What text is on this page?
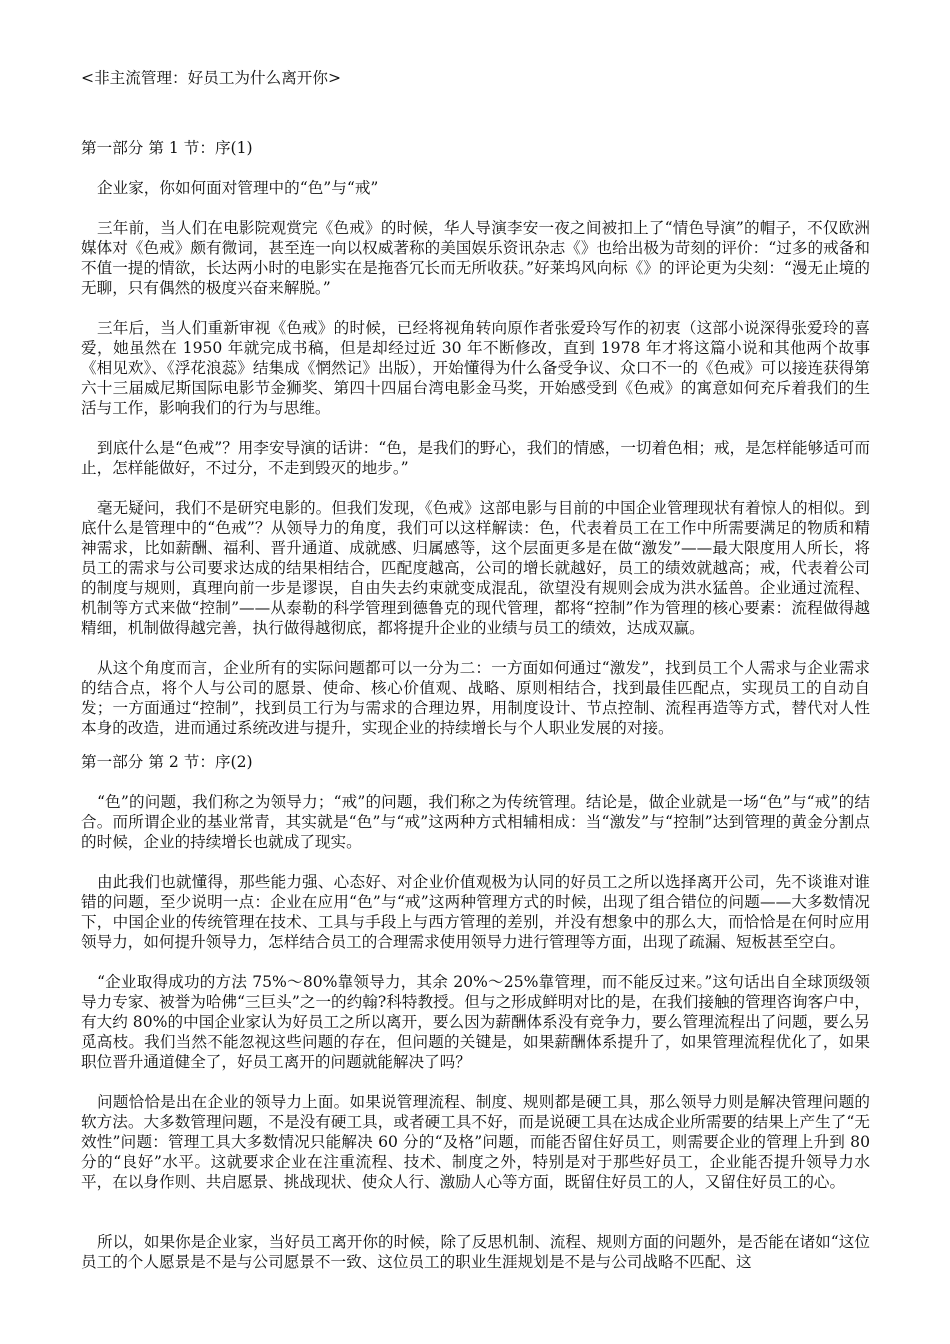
<非主流管理：好员工为什么离开你>
第一部分 第 1 节：序(1)
企业家，你如何面对管理中的“色”与“戒”
三年前，当人们在电影院观赏完《色戒》的时候，华人导演李安一夜之间被扣上了“情色导演”的帽子，不仅欧洲媒体对《色戒》颇有微词，甚至连一向以权威著称的美国娱乐资讯杂志《》也给出极为苛刻的评价：“过多的戒备和不值一提的情欲，长达两小时的电影实在是拖沓冗长而无所收获。”好莱坞风向标《》的评论更为尖刻：“漫无止境的无聊，只有偶然的极度兴奋来解脱。”
三年后，当人们重新审视《色戒》的时候，已经将视角转向原作者张爱玲写作的初衷（这部小说深得张爱玲的喜爱，她虽然在 1950 年就完成书稿，但是却经过近 30 年不断修改，直到 1978 年才将这篇小说和其他两个故事《相见欢》、《浮花浪蕊》结集成《惘然记》出版），开始懂得为什么备受争议、众口不一的《色戒》可以接连获得第六十三届威尼斯国际电影节金狮奖、第四十四届台湾电影金马奖，开始感受到《色戒》的寓意如何充斥着我们的生活与工作，影响我们的行为与思维。
到底什么是“色戒”？用李安导演的话讲：“色，是我们的野心，我们的情感，一切着色相；戒，是怎样能够适可而止，怎样能做好，不过分，不走到毁灭的地步。”
毫无疑问，我们不是研究电影的。但我们发现，《色戒》这部电影与目前的中国企业管理现状有着惊人的相似。到底什么是管理中的“色戒”？从领导力的角度，我们可以这样解读：色，代表着员工在工作中所需要满足的物质和精神需求，比如薪酬、福利、晋升通道、成就感、归属感等，这个层面更多是在做“激发”——最大限度用人所长，将员工的需求与公司要求达成的结果相结合，匹配度越高，公司的增长就越好，员工的绩效就越高；戒，代表着公司的制度与规则，真理向前一步是谬误，自由失去约束就变成混乱，欲望没有规则会成为洪水猛兽。企业通过流程、机制等方式来做“控制”——从泰勒的科学管理到德鲁克的现代管理，都将“控制”作为管理的核心要素：流程做得越精细，机制做得越完善，执行做得越彻底，都将提升企业的业绩与员工的绩效，达成双赢。
从这个角度而言，企业所有的实际问题都可以一分为二：一方面如何通过“激发”，找到员工个人需求与企业需求的结合点，将个人与公司的愿景、使命、核心价值观、战略、原则相结合，找到最佳匹配点，实现员工的自动自发；一方面通过“控制”，找到员工行为与需求的合理边界，用制度设计、节点控制、流程再造等方式，替代对人性本身的改造，进而通过系统改进与提升，实现企业的持续增长与个人职业发展的对接。
第一部分 第 2 节：序(2)
“色”的问题，我们称之为领导力；“戒”的问题，我们称之为传统管理。结论是，做企业就是一场“色”与“戒”的结合。而所谓企业的基业常青，其实就是“色”与“戒”这两种方式相辅相成：当“激发”与“控制”达到管理的黄金分割点的时候，企业的持续增长也就成了现实。
由此我们也就懂得，那些能力强、心态好、对企业价值观极为认同的好员工之所以选择离开公司，先不谈谁对谁错的问题，至少说明一点：企业在应用“色”与“戒”这两种管理方式的时候，出现了组合错位的问题——大多数情况下，中国企业的传统管理在技术、工具与手段上与西方管理的差别，并没有想象中的那么大，而恰恰是在何时应用领导力，如何提升领导力，怎样结合员工的合理需求使用领导力进行管理等方面，出现了疏漏、短板甚至空白。
“企业取得成功的方法 75%～80%靠领导力，其余 20%～25%靠管理，而不能反过来。”这句话出自全球顶级领导力专家、被誉为哈佛“三巨头”之一的约翰?科特教授。但与之形成鲜明对比的是，在我们接触的管理咨询客户中，有大约 80%的中国企业家认为好员工之所以离开，要么因为薪酬体系没有竞争力，要么管理流程出了问题，要么另觅高枝。我们当然不能忽视这些问题的存在，但问题的关键是，如果薪酬体系提升了，如果管理流程优化了，如果职位晋升通道健全了，好员工离开的问题就能解决了吗？
问题恰恰是出在企业的领导力上面。如果说管理流程、制度、规则都是硬工具，那么领导力则是解决管理问题的软方法。大多数管理问题，不是没有硬工具，或者硬工具不好，而是说硬工具在达成企业所需要的结果上产生了“无效性”问题：管理工具大多数情况只能解决 60 分的“及格”问题，而能否留住好员工，则需要企业的管理上升到 80 分的“良好”水平。这就要求企业在注重流程、技术、制度之外，特别是对于那些好员工，企业能否提升领导力水平，在以身作则、共启愿景、挑战现状、使众人行、激励人心等方面，既留住好员工的人，又留住好员工的心。
所以，如果你是企业家，当好员工离开你的时候，除了反思机制、流程、规则方面的问题外，是否能在诸如“这位员工的个人愿景是不是与公司愿景不一致、这位员工的职业生涯规划是不是与公司战略不匹配、这
